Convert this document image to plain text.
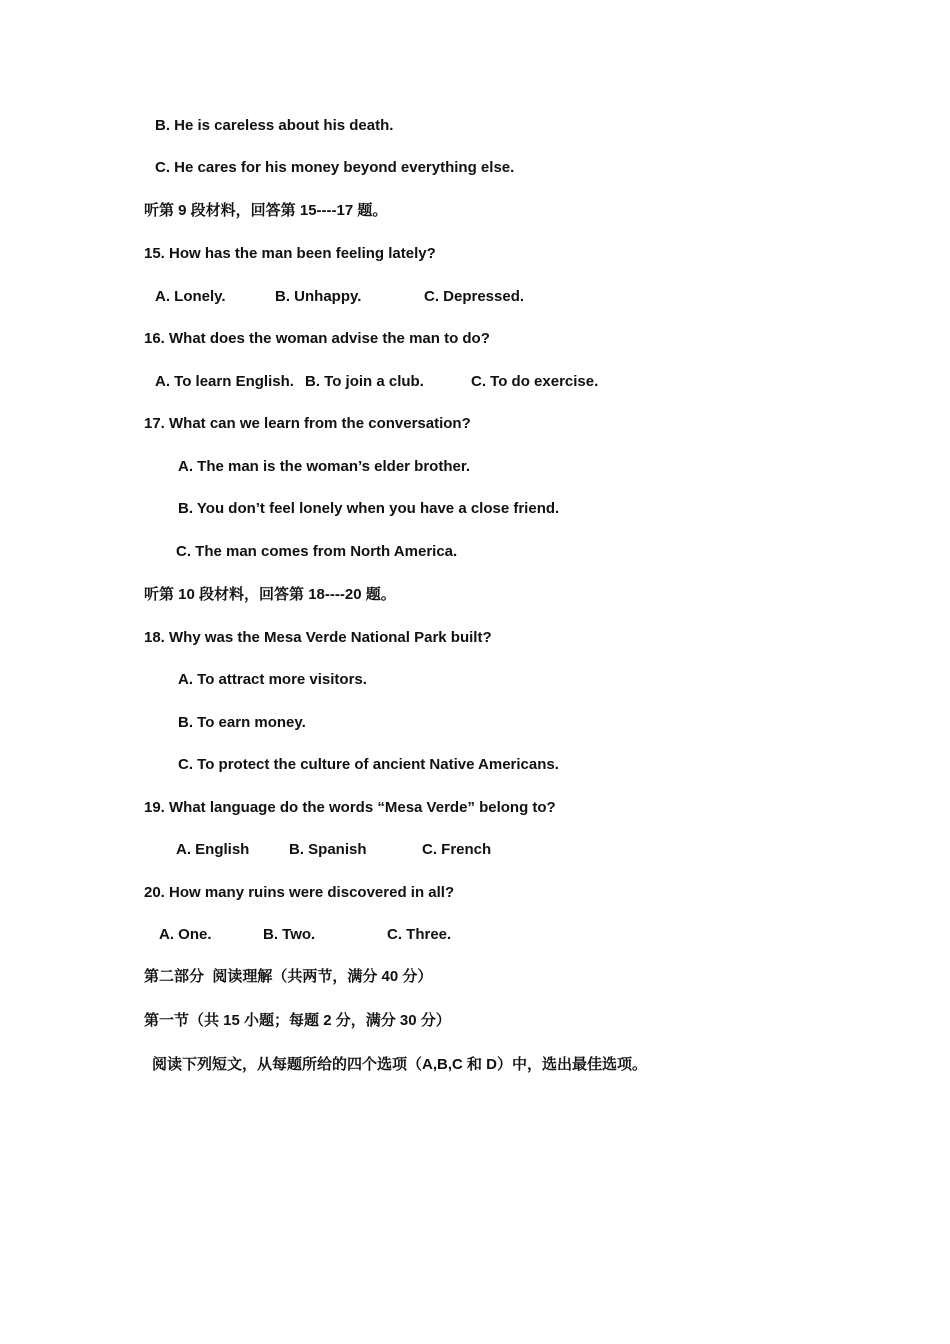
B. He is careless about his death.
C. He cares for his money beyond everything else.
听第 9 段材料，回答第 15----17 题。
15. How has the man been feeling lately?
A. Lonely.	B. Unhappy.	C. Depressed.
16. What does the woman advise the man to do?
A. To learn English. B. To join a club.	C. To do exercise.
17. What can we learn from the conversation?
A. The man is the woman’s elder brother.
B. You don’t feel lonely when you have a close friend.
C. The man comes from North America.
听第 10 段材料，回答第 18----20 题。
18. Why was the Mesa Verde National Park built?
A. To attract more visitors.
B. To earn money.
C. To protect the culture of ancient Native Americans.
19. What language do the words “Mesa Verde” belong to?
A. English	B. Spanish	C. French
20. How many ruins were discovered in all?
A. One.	B. Two.	C. Three.
第二部分  阅读理解（共两节，满分 40 分）
第一节（共 15 小题；每题 2 分，满分 30 分）
阅读下列短文，从每题所给的四个选项（A,B,C 和 D）中，选出最佳选项。
